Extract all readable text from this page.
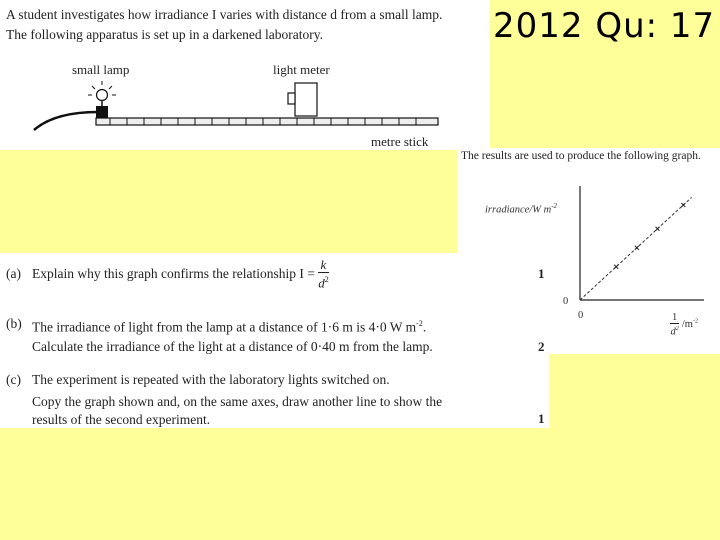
2012 Qu: 17
A student investigates how irradiance I varies with distance d from a small lamp.
The following apparatus is set up in a darkened laboratory.
small lamp	light meter
metre stick
The results are used to produce the following graph.
irradiance/W $m^{-2}$
0
0	$\frac{1}{d^2} /m^{-2}$
(a) Explain why this graph confirms the relationship $I = \frac{k}{d^2}$	1
(b) The irradiance of light from the lamp at a distance of 1·6 m is 4·0 W $m^{-2}$.
Calculate the irradiance of the light at a distance of 0·40 m from the lamp.	2
(c) The experiment is repeated with the laboratory lights switched on.
Copy the graph shown and, on the same axes, draw another line to show the
results of the second experiment.	1
